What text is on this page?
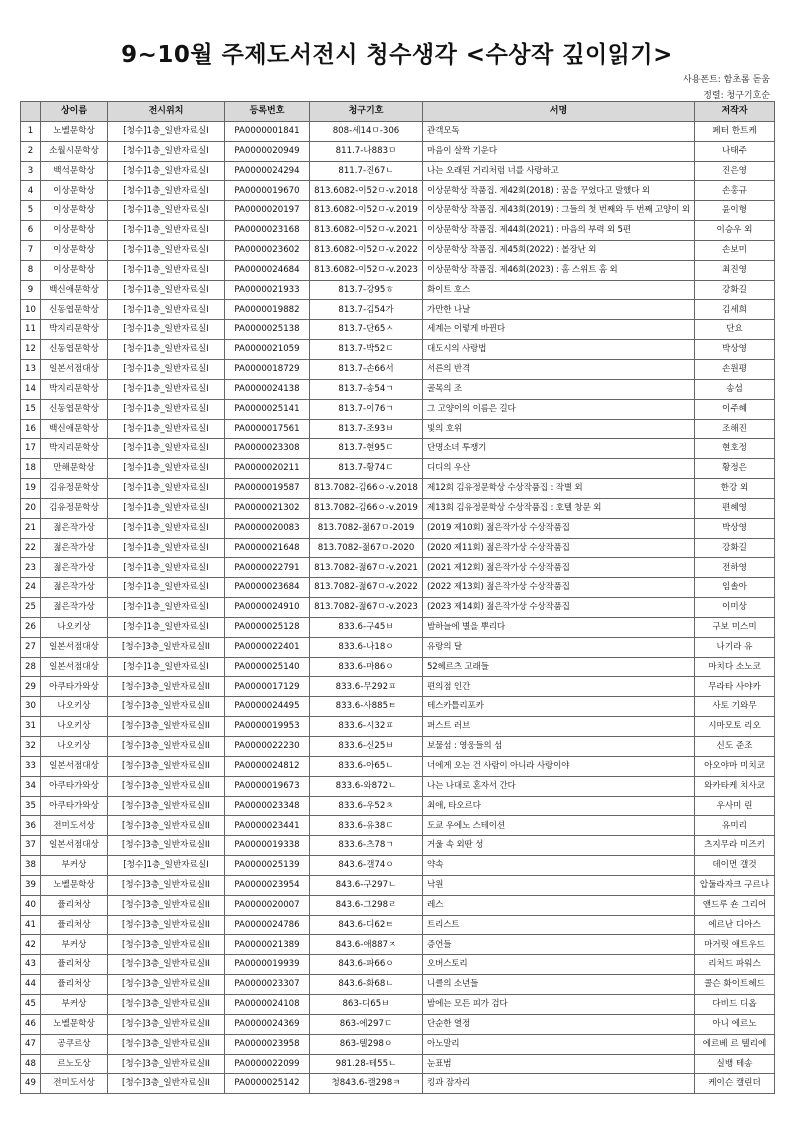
9~10월 주제도서전시 청수생각 <수상작 깊이읽기>
사용폰트: 함초롬 돋움
정렬: 청구기호순
	상이름	전시위치	등록번호	청구기호	서명	저작자
1	노벨문학상	[청수]1층_일반자료실I	PA0000001841	808-세14ㅁ-306	관객모독	페터 한트케
2	소월시문학상	[청수]1층_일반자료실I	PA0000020949	811.7-나883ㅁ	마음이 살짝 기운다	나태주
3	백석문학상	[청수]1층_일반자료실I	PA0000024294	811.7-진67ㄴ	나는 오래된 거리처럼 너를 사랑하고	진은영
4	이상문학상	[청수]1층_일반자료실I	PA0000019670	813.6082-이52ㅁ-v.2018	이상문학상 작품집. 제42회(2018) : 꿈을 꾸었다고 말했다 외	손홍규
5	이상문학상	[청수]1층_일반자료실I	PA0000020197	813.6082-이52ㅁ-v.2019	이상문학상 작품집. 제43회(2019) : 그들의 첫 번째와 두 번째 고양이 외	윤이형
6	이상문학상	[청수]1층_일반자료실I	PA0000023168	813.6082-이52ㅁ-v.2021	이상문학상 작품집. 제44회(2021) : 마음의 부력 외 5편	이승우 외
7	이상문학상	[청수]1층_일반자료실I	PA0000023602	813.6082-이52ㅁ-v.2022	이상문학상 작품집. 제45회(2022) : 볼장난 외	손보미
8	이상문학상	[청수]1층_일반자료실I	PA0000024684	813.6082-이52ㅁ-v.2023	이상문학상 작품집. 제46회(2023) : 홈 스위트 홈 외	최진영
9	백신애문학상	[청수]1층_일반자료실I	PA0000021933	813.7-강95ㅎ	화이트 호스	강화길
10	신동엽문학상	[청수]1층_일반자료실I	PA0000019882	813.7-김54가	가만한 나날	김세희
11	박지리문학상	[청수]1층_일반자료실I	PA0000025138	813.7-단65ㅅ	세계는 이렇게 바뀐다	단요
12	신동엽문학상	[청수]1층_일반자료실I	PA0000021059	813.7-박52ㄷ	대도시의 사랑법	박상영
13	일본서점대상	[청수]1층_일반자료실I	PA0000018729	813.7-손66서	서른의 반격	손원평
14	박지리문학상	[청수]1층_일반자료실I	PA0000024138	813.7-송54ㄱ	골목의 조	송섬
15	신동엽문학상	[청수]1층_일반자료실I	PA0000025141	813.7-이76ㄱ	그 고양이의 이름은 길다	이주혜
16	백신애문학상	[청수]1층_일반자료실I	PA0000017561	813.7-조93ㅂ	빛의 호위	조해진
17	박지리문학상	[청수]1층_일반자료실I	PA0000023308	813.7-현95ㄷ	단명소녀 투쟁기	현호정
18	만해문학상	[청수]1층_일반자료실I	PA0000020211	813.7-황74ㄷ	디디의 우산	황정은
19	김유정문학상	[청수]1층_일반자료실I	PA0000019587	813.7082-김66ㅇ-v.2018	제12회 김유정문학상 수상작품집 : 작별 외	한강 외
20	김유정문학상	[청수]1층_일반자료실I	PA0000021302	813.7082-김66ㅇ-v.2019	제13회 김유정문학상 수상작품집 : 호텔 창문 외	편혜영
21	젊은작가상	[청수]1층_일반자료실I	PA0000020083	813.7082-젊67ㅁ-2019	(2019 제10회) 젊은작가상 수상작품집	박상영
22	젊은작가상	[청수]1층_일반자료실I	PA0000021648	813.7082-젊67ㅁ-2020	(2020 제11회) 젊은작가상 수상작품집	강화길
23	젊은작가상	[청수]1층_일반자료실I	PA0000022791	813.7082-젊67ㅁ-v.2021	(2021 제12회) 젊은작가상 수상작품집	전하영
24	젊은작가상	[청수]1층_일반자료실I	PA0000023684	813.7082-젊67ㅁ-v.2022	(2022 제13회) 젊은작가상 수상작품집	임솔아
25	젊은작가상	[청수]1층_일반자료실I	PA0000024910	813.7082-젊67ㅁ-v.2023	(2023 제14회) 젊은작가상 수상작품집	이미상
26	나오키상	[청수]1층_일반자료실I	PA0000025128	833.6-구45ㅂ	밤하늘에 별을 뿌리다	구보 미스미
27	일본서점대상	[청수]3층_일반자료실II	PA0000022401	833.6-나18ㅇ	유랑의 달	나기라 유
28	일본서점대상	[청수]1층_일반자료실I	PA0000025140	833.6-마86ㅇ	52헤르츠 고래들	마치다 소노코
29	아쿠타가와상	[청수]3층_일반자료실II	PA0000017129	833.6-무292ㅍ	편의점 인간	무라타 사야카
30	나오키상	[청수]3층_일반자료실II	PA0000024495	833.6-사885ㅌ	테스카틀리포카	사토 기와무
31	나오키상	[청수]3층_일반자료실II	PA0000019953	833.6-시32ㅍ	퍼스트 러브	시마모토 리오
32	나오키상	[청수]3층_일반자료실II	PA0000022230	833.6-신25ㅂ	보물섬 : 영웅들의 섬	신도 준조
33	일본서점대상	[청수]3층_일반자료실II	PA0000024812	833.6-아65ㄴ	너에게 오는 건 사람이 아니라 사랑이야	아오야마 미치코
34	아쿠타가와상	[청수]3층_일반자료실II	PA0000019673	833.6-와872ㄴ	나는 나대로 혼자서 간다	와카타케 치사코
35	아쿠타가와상	[청수]3층_일반자료실II	PA0000023348	833.6-우52ㅊ	최애, 타오르다	우사미 린
36	전미도서상	[청수]3층_일반자료실II	PA0000023441	833.6-유38ㄷ	도쿄 우에노 스테이션	유미리
37	일본서점대상	[청수]3층_일반자료실II	PA0000019338	833.6-츠78ㄱ	거울 속 외딴 성	츠지무라 미즈키
38	부커상	[청수]1층_일반자료실I	PA0000025139	843.6-갤74ㅇ	약속	데이먼 갤것
39	노벨문학상	[청수]3층_일반자료실II	PA0000023954	843.6-구297ㄴ	낙원	압둘라자크 구르나
40	퓰리처상	[청수]3층_일반자료실II	PA0000020007	843.6-그298ㄹ	레스	앤드루 숀 그리어
41	퓰리처상	[청수]3층_일반자료실II	PA0000024786	843.6-디62ㅌ	트리스트	에르난 디아스
42	부커상	[청수]3층_일반자료실II	PA0000021389	843.6-애887ㅈ	증언들	마거릿 애트우드
43	퓰리처상	[청수]3층_일반자료실II	PA0000019939	843.6-파66ㅇ	오버스토리	리처드 파워스
44	퓰리처상	[청수]3층_일반자료실II	PA0000023307	843.6-화68ㄴ	니클의 소년들	콜슨 화이트헤드
45	부커상	[청수]3층_일반자료실II	PA0000024108	863-디65ㅂ	밤에는 모든 피가 검다	다비드 디옵
46	노벨문학상	[청수]3층_일반자료실II	PA0000024369	863-에297ㄷ	단순한 열정	아니 에르노
47	공쿠르상	[청수]3층_일반자료실II	PA0000023958	863-텔298ㅇ	아노말리	에르베 르 텔리에
48	르노도상	[청수]3층_일반자료실II	PA0000022099	981.28-테55ㄴ	눈표범	실뱅 테송
49	전미도서상	[청수]3층_일반자료실II	PA0000025142	청843.6-캘298ㅋ	킹과 잠자리	케이슨 캘린더
